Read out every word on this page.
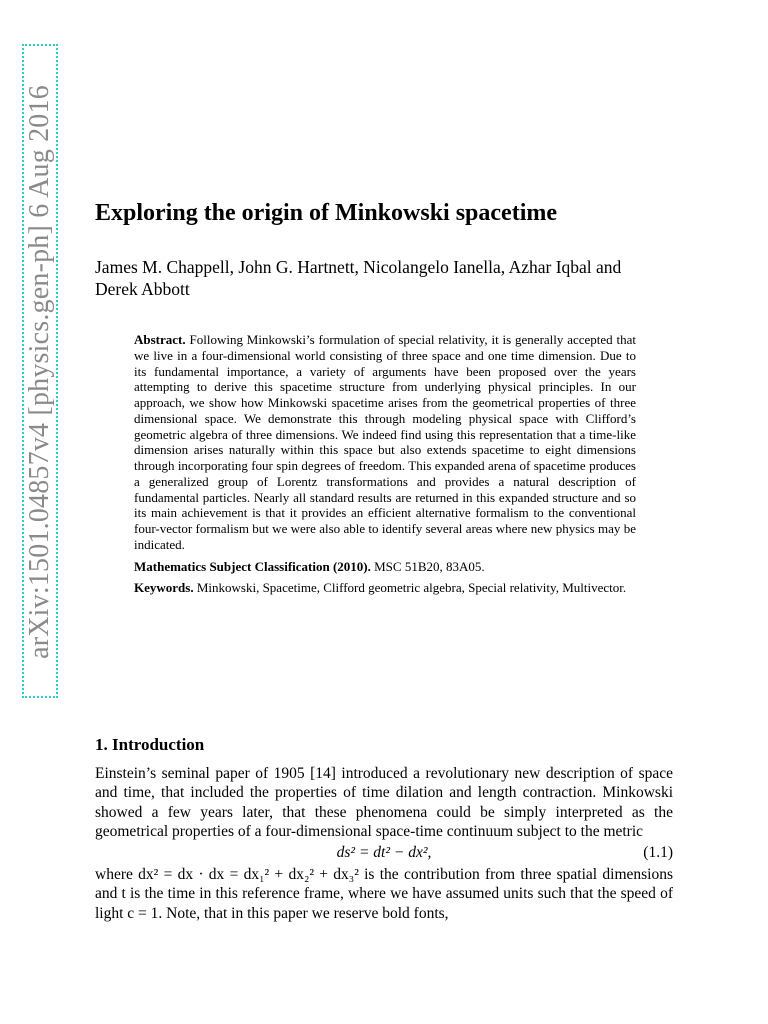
arXiv:1501.04857v4 [physics.gen-ph] 6 Aug 2016 Exploring the origin of Minkowski spacetime
James M. Chappell, John G. Hartnett, Nicolangelo Ianella, Azhar Iqbal and Derek Abbott

Abstract. Following Minkowski’s formulation of special relativity, it is generally accepted that we live in a four-dimensional world consisting of three space and one time dimension. Due to its fundamental importance, a variety of arguments have been proposed over the years attempting to derive this spacetime structure from underlying physical principles. In our approach, we show how Minkowski spacetime arises from the geometrical properties of three dimensional space. We demonstrate this through modeling physical space with Clifford’s geometric algebra of three dimensions. We indeed find using this representation that a time-like dimension arises naturally within this space but also extends spacetime to eight dimensions through incorporating four spin degrees of freedom. This expanded arena of spacetime produces a generalized group of Lorentz transformations and provides a natural description of fundamental particles. Nearly all standard results are returned in this expanded structure and so its main achievement is that it provides an efficient alternative formalism to the conventional four-vector formalism but we were also able to identify several areas where new physics may be indicated.

Mathematics Subject Classification (2010). MSC 51B20, 83A05.

Keywords. Minkowski, Spacetime, Clifford geometric algebra, Special relativity, Multivector.

1. Introduction

Einstein’s seminal paper of 1905 [14] introduced a revolutionary new description of space and time, that included the properties of time dilation and length contraction. Minkowski showed a few years later, that these phenomena could be simply interpreted as the geometrical properties of a four-dimensional space-time continuum subject to the metric

ds² = dt² − dx²,	(1.1)

where dx² = dx · dx = dx₁² + dx₂² + dx₃² is the contribution from three spatial dimensions and t is the time in this reference frame, where we have assumed units such that the speed of light c = 1. Note, that in this paper we reserve bold fonts,
